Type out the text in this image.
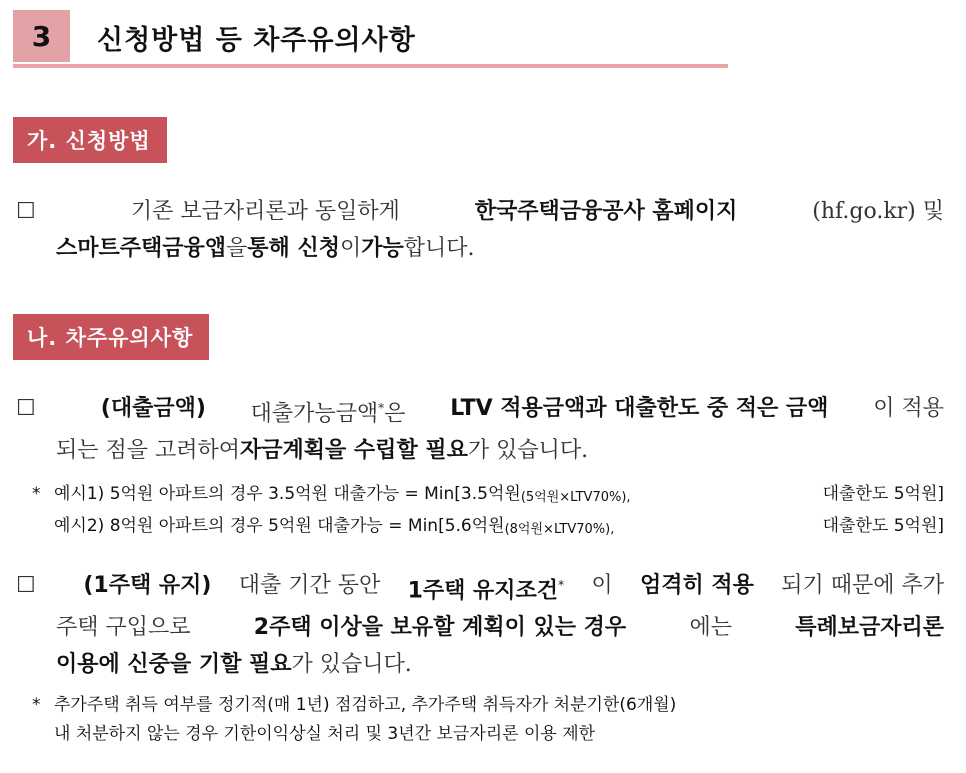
3	신청방법 등 차주유의사항
가. 신청방법
☐	기존 보금자리론과 동일하게	한국주택금융공사 홈페이지	(hf.go.kr) 및
스마트주택금융앱 을 통해 신청 이 가능 합니다.
나. 차주유의사항
☐	(대출금액) 대출가능금액*은 LTV 적용금액과 대출한도 중 적은 금액 이 적용
되는 점을 고려하여 자금계획을 수립할 필요 가 있습니다.
* 예시1) 5억원 아파트의 경우 3.5억원 대출가능 = Min[3.5억원 (5억원×LTV70%),	대출한도 5억원]
예시2) 8억원 아파트의 경우 5억원 대출가능 = Min[5.6억원 (8억원×LTV70%),	대출한도 5억원]
☐	(1주택 유지) 대출 기간 동안 1주택 유지조건* 이 엄격히 적용 되기 때문에 추가
주택 구입으로	2주택 이상을 보유할 계획이 있는 경우	에는	특례보금자리론
이용에 신중을 기할 필요 가 있습니다.
* 추가주택 취득 여부를 정기적(매 1년) 점검하고, 추가주택 취득자가 처분기한(6개월)
내 처분하지 않는 경우 기한이익상실 처리 및 3년간 보금자리론 이용 제한
